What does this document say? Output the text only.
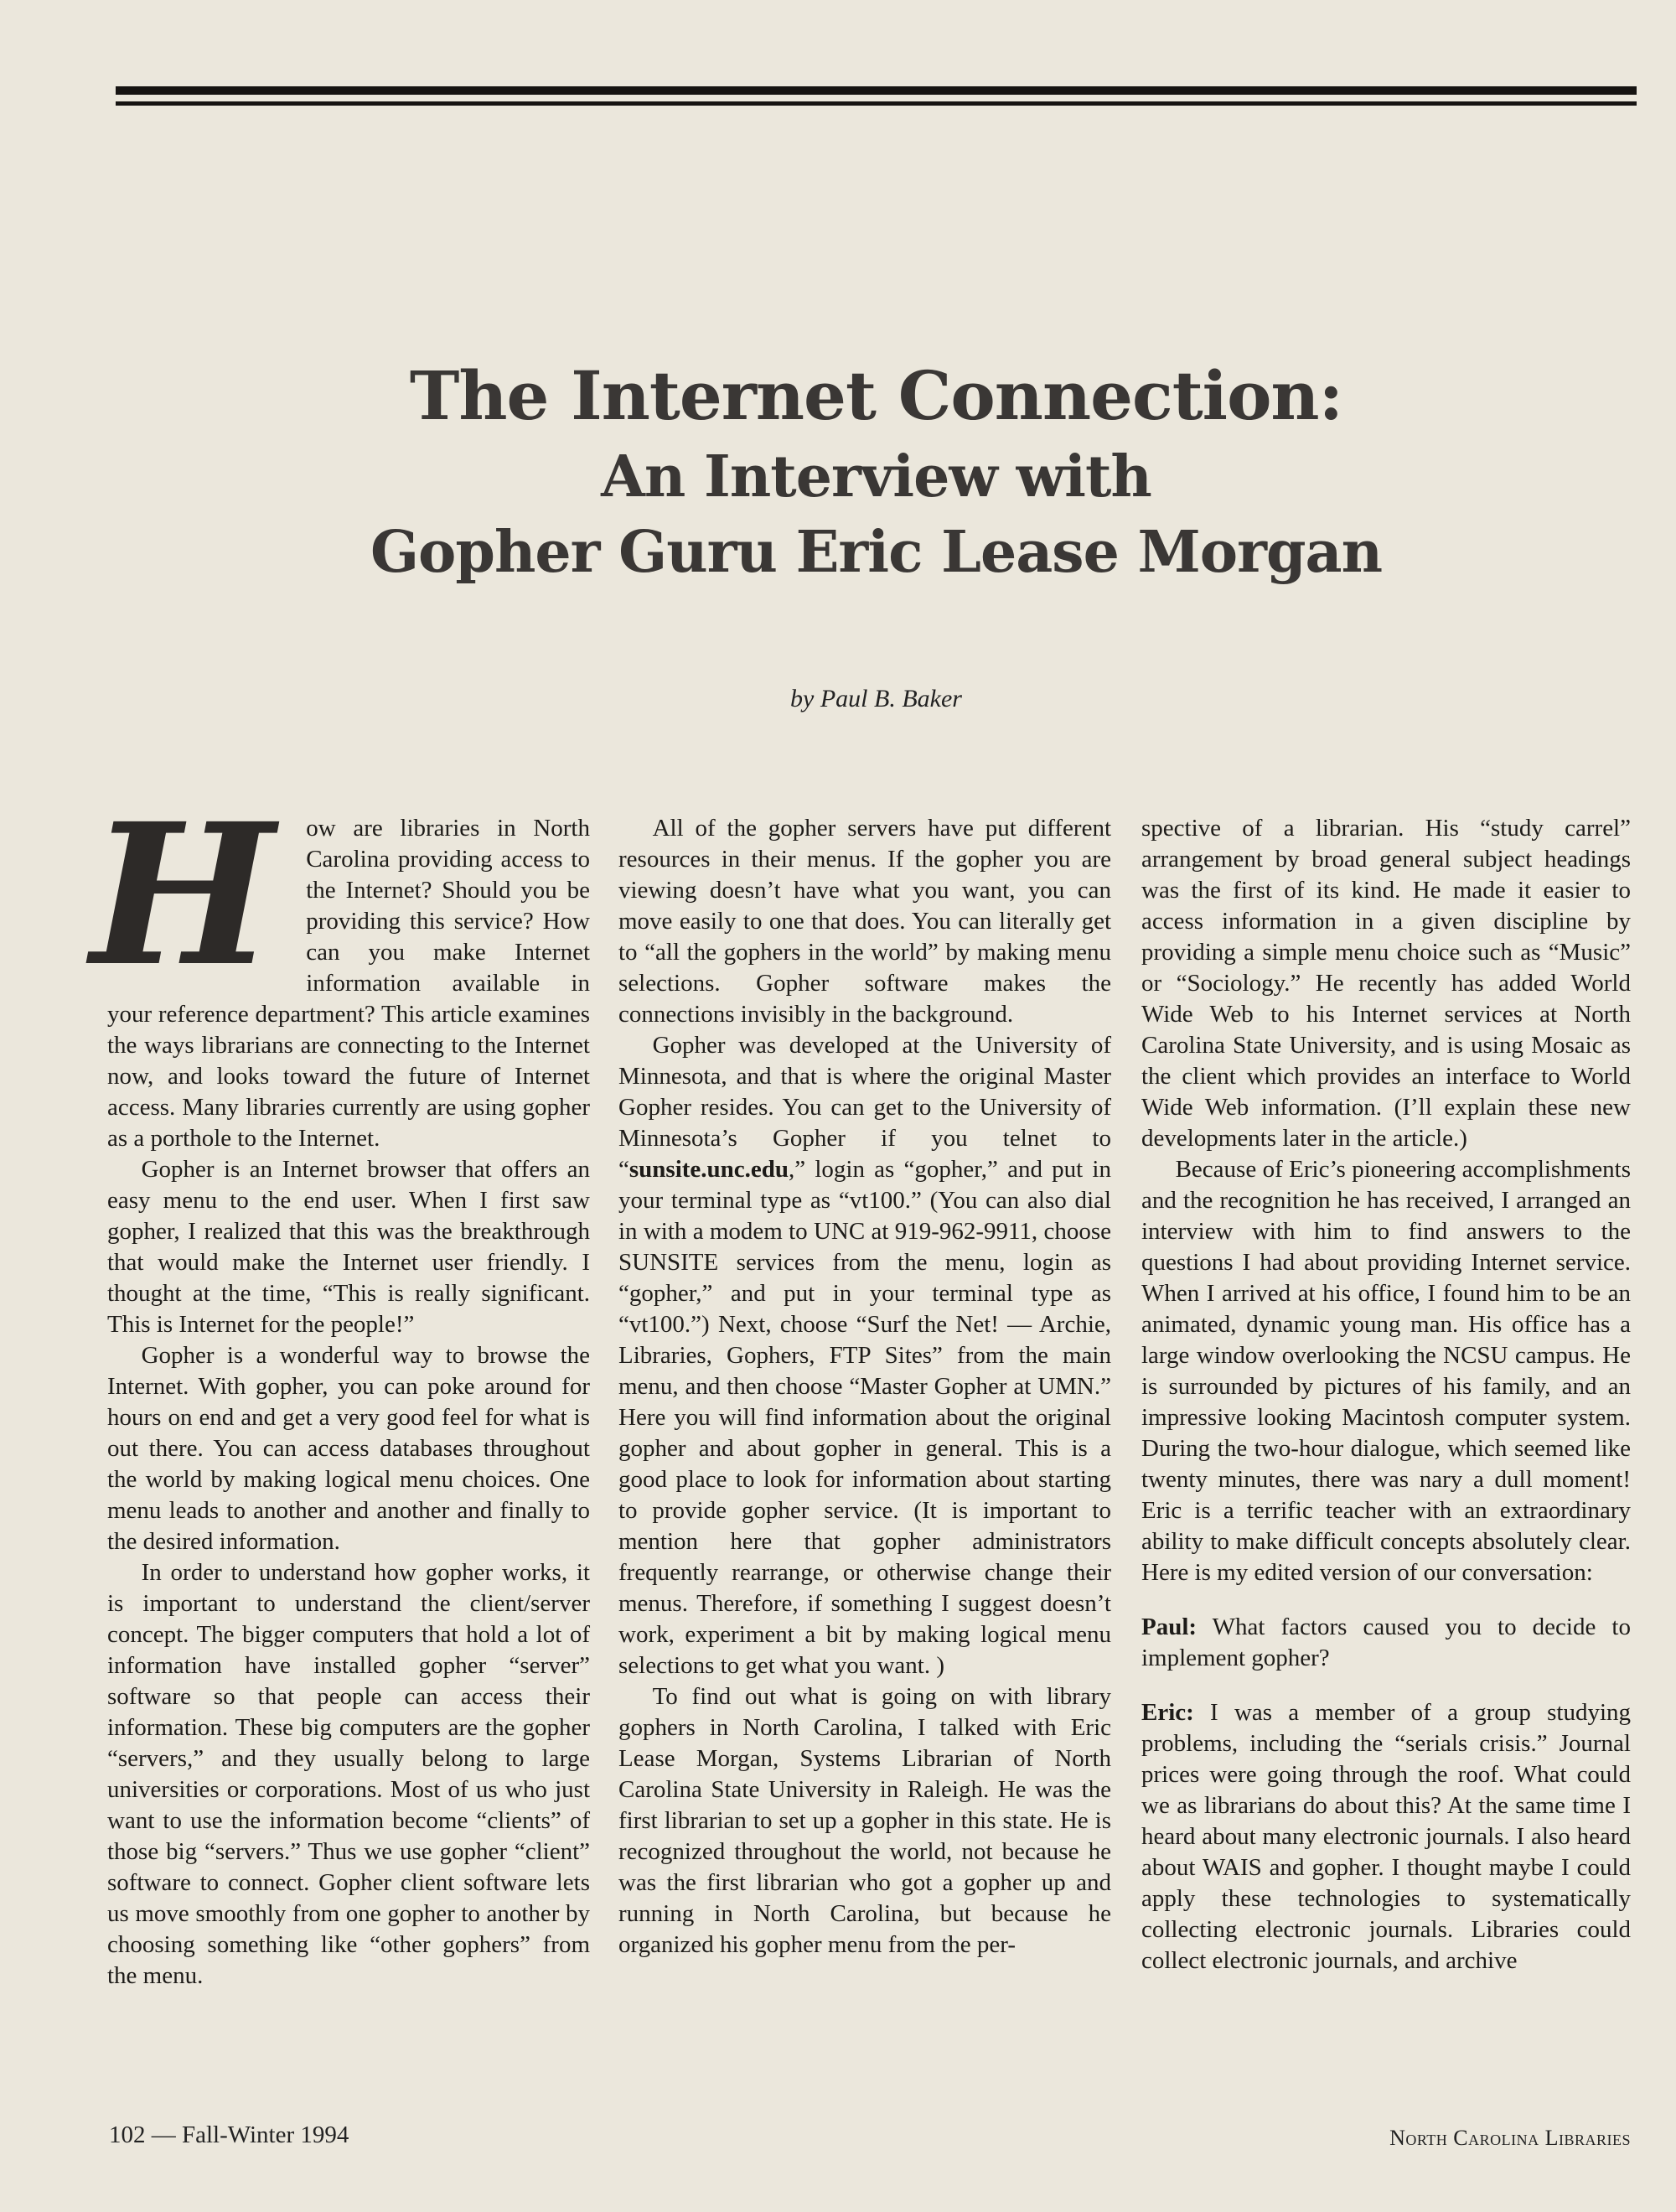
The Internet Connection:
An Interview with
Gopher Guru Eric Lease Morgan
by Paul B. Baker

H ow are libraries in North Carolina providing access to the Internet? Should you be providing this service? How can you make Internet information available in your reference department? This article examines the ways librarians are connecting to the Internet now, and looks toward the future of Internet access. Many libraries currently are using gopher as a porthole to the Internet.

Gopher is an Internet browser that offers an easy menu to the end user. When I first saw gopher, I realized that this was the breakthrough that would make the Internet user friendly. I thought at the time, “This is really significant. This is Internet for the people!”

Gopher is a wonderful way to browse the Internet. With gopher, you can poke around for hours on end and get a very good feel for what is out there. You can access databases throughout the world by making logical menu choices. One menu leads to another and another and finally to the desired information.

In order to understand how gopher works, it is important to understand the client/server concept. The bigger computers that hold a lot of information have installed gopher “server” software so that people can access their information. These big computers are the gopher “servers,” and they usually belong to large universities or corporations. Most of us who just want to use the information become “clients” of those big “servers.” Thus we use gopher “client” software to connect. Gopher client software lets us move smoothly from one gopher to another by choosing something like “other gophers” from the menu.

All of the gopher servers have put different resources in their menus. If the gopher you are viewing doesn’t have what you want, you can move easily to one that does. You can literally get to “all the gophers in the world” by making menu selections. Gopher software makes the connections invisibly in the background.

Gopher was developed at the University of Minnesota, and that is where the original Master Gopher resides. You can get to the University of Minnesota’s Gopher if you telnet to “sunsite.unc.edu,” login as “gopher,” and put in your terminal type as “vt100.” (You can also dial in with a modem to UNC at 919-962-9911, choose SUNSITE services from the menu, login as “gopher,” and put in your terminal type as “vt100.”) Next, choose “Surf the Net! — Archie, Libraries, Gophers, FTP Sites” from the main menu, and then choose “Master Gopher at UMN.” Here you will find information about the original gopher and about gopher in general. This is a good place to look for information about starting to provide gopher service. (It is important to mention here that gopher administrators frequently rearrange, or otherwise change their menus. Therefore, if something I suggest doesn’t work, experiment a bit by making logical menu selections to get what you want. )

To find out what is going on with library gophers in North Carolina, I talked with Eric Lease Morgan, Systems Librarian of North Carolina State University in Raleigh. He was the first librarian to set up a gopher in this state. He is recognized throughout the world, not because he was the first librarian who got a gopher up and running in North Carolina, but because he organized his gopher menu from the per-

spective of a librarian. His “study carrel” arrangement by broad general subject headings was the first of its kind. He made it easier to access information in a given discipline by providing a simple menu choice such as “Music” or “Sociology.” He recently has added World Wide Web to his Internet services at North Carolina State University, and is using Mosaic as the client which provides an interface to World Wide Web information. (I’ll explain these new developments later in the article.)

Because of Eric’s pioneering accomplishments and the recognition he has received, I arranged an interview with him to find answers to the questions I had about providing Internet service. When I arrived at his office, I found him to be an animated, dynamic young man. His office has a large window overlooking the NCSU campus. He is surrounded by pictures of his family, and an impressive looking Macintosh computer system. During the two-hour dialogue, which seemed like twenty minutes, there was nary a dull moment! Eric is a terrific teacher with an extraordinary ability to make difficult concepts absolutely clear. Here is my edited version of our conversation:

Paul: What factors caused you to decide to implement gopher?

Eric: I was a member of a group studying problems, including the “serials crisis.” Journal prices were going through the roof. What could we as librarians do about this? At the same time I heard about many electronic journals. I also heard about WAIS and gopher. I thought maybe I could apply these technologies to systematically collecting electronic journals. Libraries could collect electronic journals, and archive

102 — Fall-Winter 1994	North Carolina Libraries
